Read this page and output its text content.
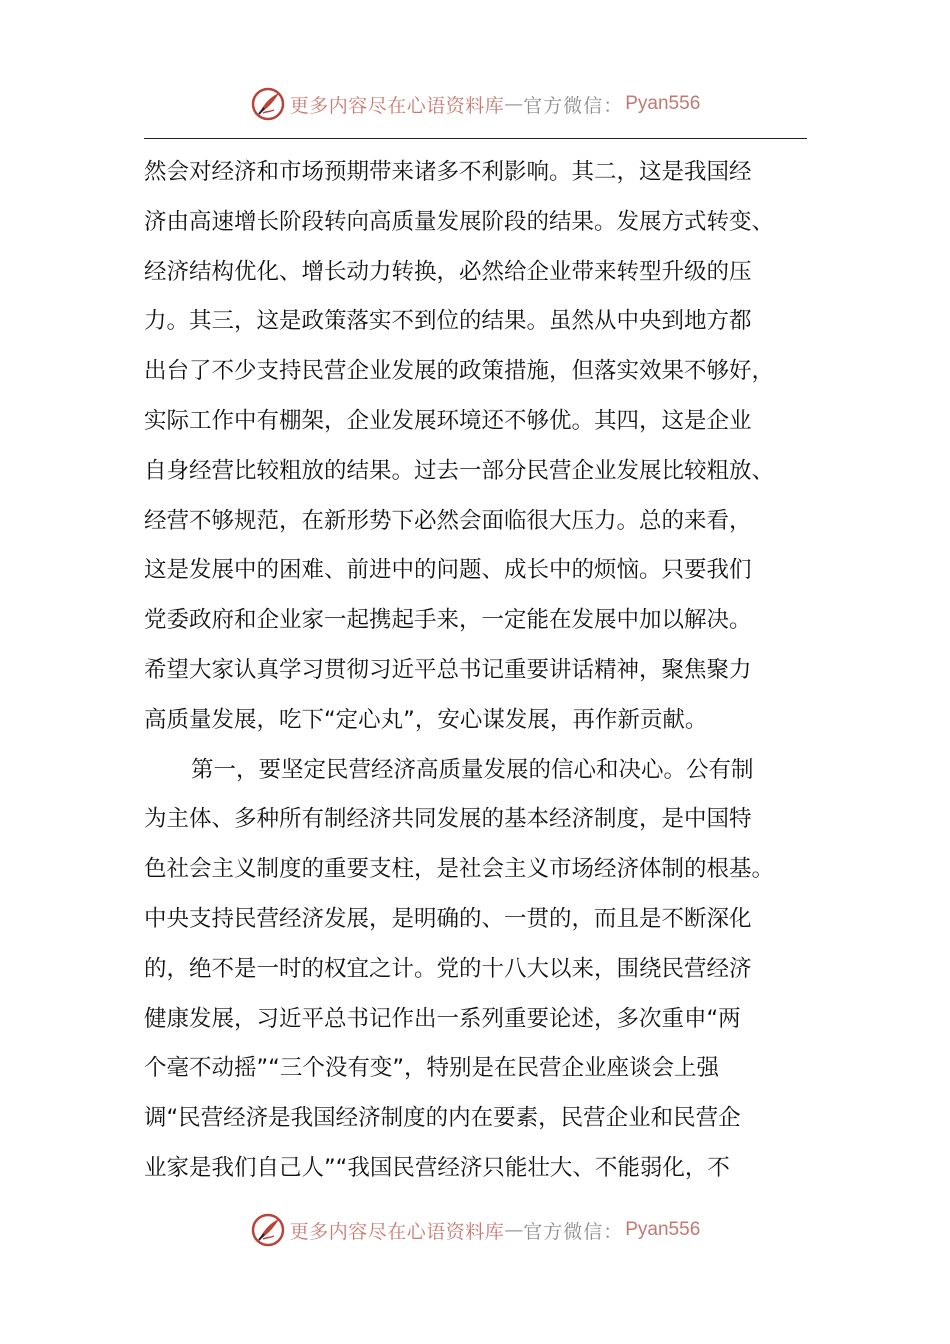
更多内容尽在心语资料库 — 官方微信： Pyan556
然会对经济和市场预期带来诸多不利影响。其二，这是我国经
济由高速增长阶段转向高质量发展阶段的结果。发展方式转变、
经济结构优化、增长动力转换，必然给企业带来转型升级的压
力。其三，这是政策落实不到位的结果。虽然从中央到地方都
出台了不少支持民营企业发展的政策措施，但落实效果不够好，
实际工作中有棚架，企业发展环境还不够优。其四，这是企业
自身经营比较粗放的结果。过去一部分民营企业发展比较粗放、
经营不够规范，在新形势下必然会面临很大压力。总的来看，
这是发展中的困难、前进中的问题、成长中的烦恼。只要我们
党委政府和企业家一起携起手来，一定能在发展中加以解决。
希望大家认真学习贯彻习近平总书记重要讲话精神，聚焦聚力
高质量发展，吃下“定心丸”，安心谋发展，再作新贡献。
第一，要坚定民营经济高质量发展的信心和决心。公有制
为主体、多种所有制经济共同发展的基本经济制度，是中国特
色社会主义制度的重要支柱，是社会主义市场经济体制的根基。
中央支持民营经济发展，是明确的、一贯的，而且是不断深化
的，绝不是一时的权宜之计。党的十八大以来，围绕民营经济
健康发展，习近平总书记作出一系列重要论述，多次重申“两
个毫不动摇”“三个没有变”，特别是在民营企业座谈会上强
调“民营经济是我国经济制度的内在要素，民营企业和民营企
业家是我们自己人”“我国民营经济只能壮大、不能弱化，不
更多内容尽在心语资料库 — 官方微信： Pyan556
